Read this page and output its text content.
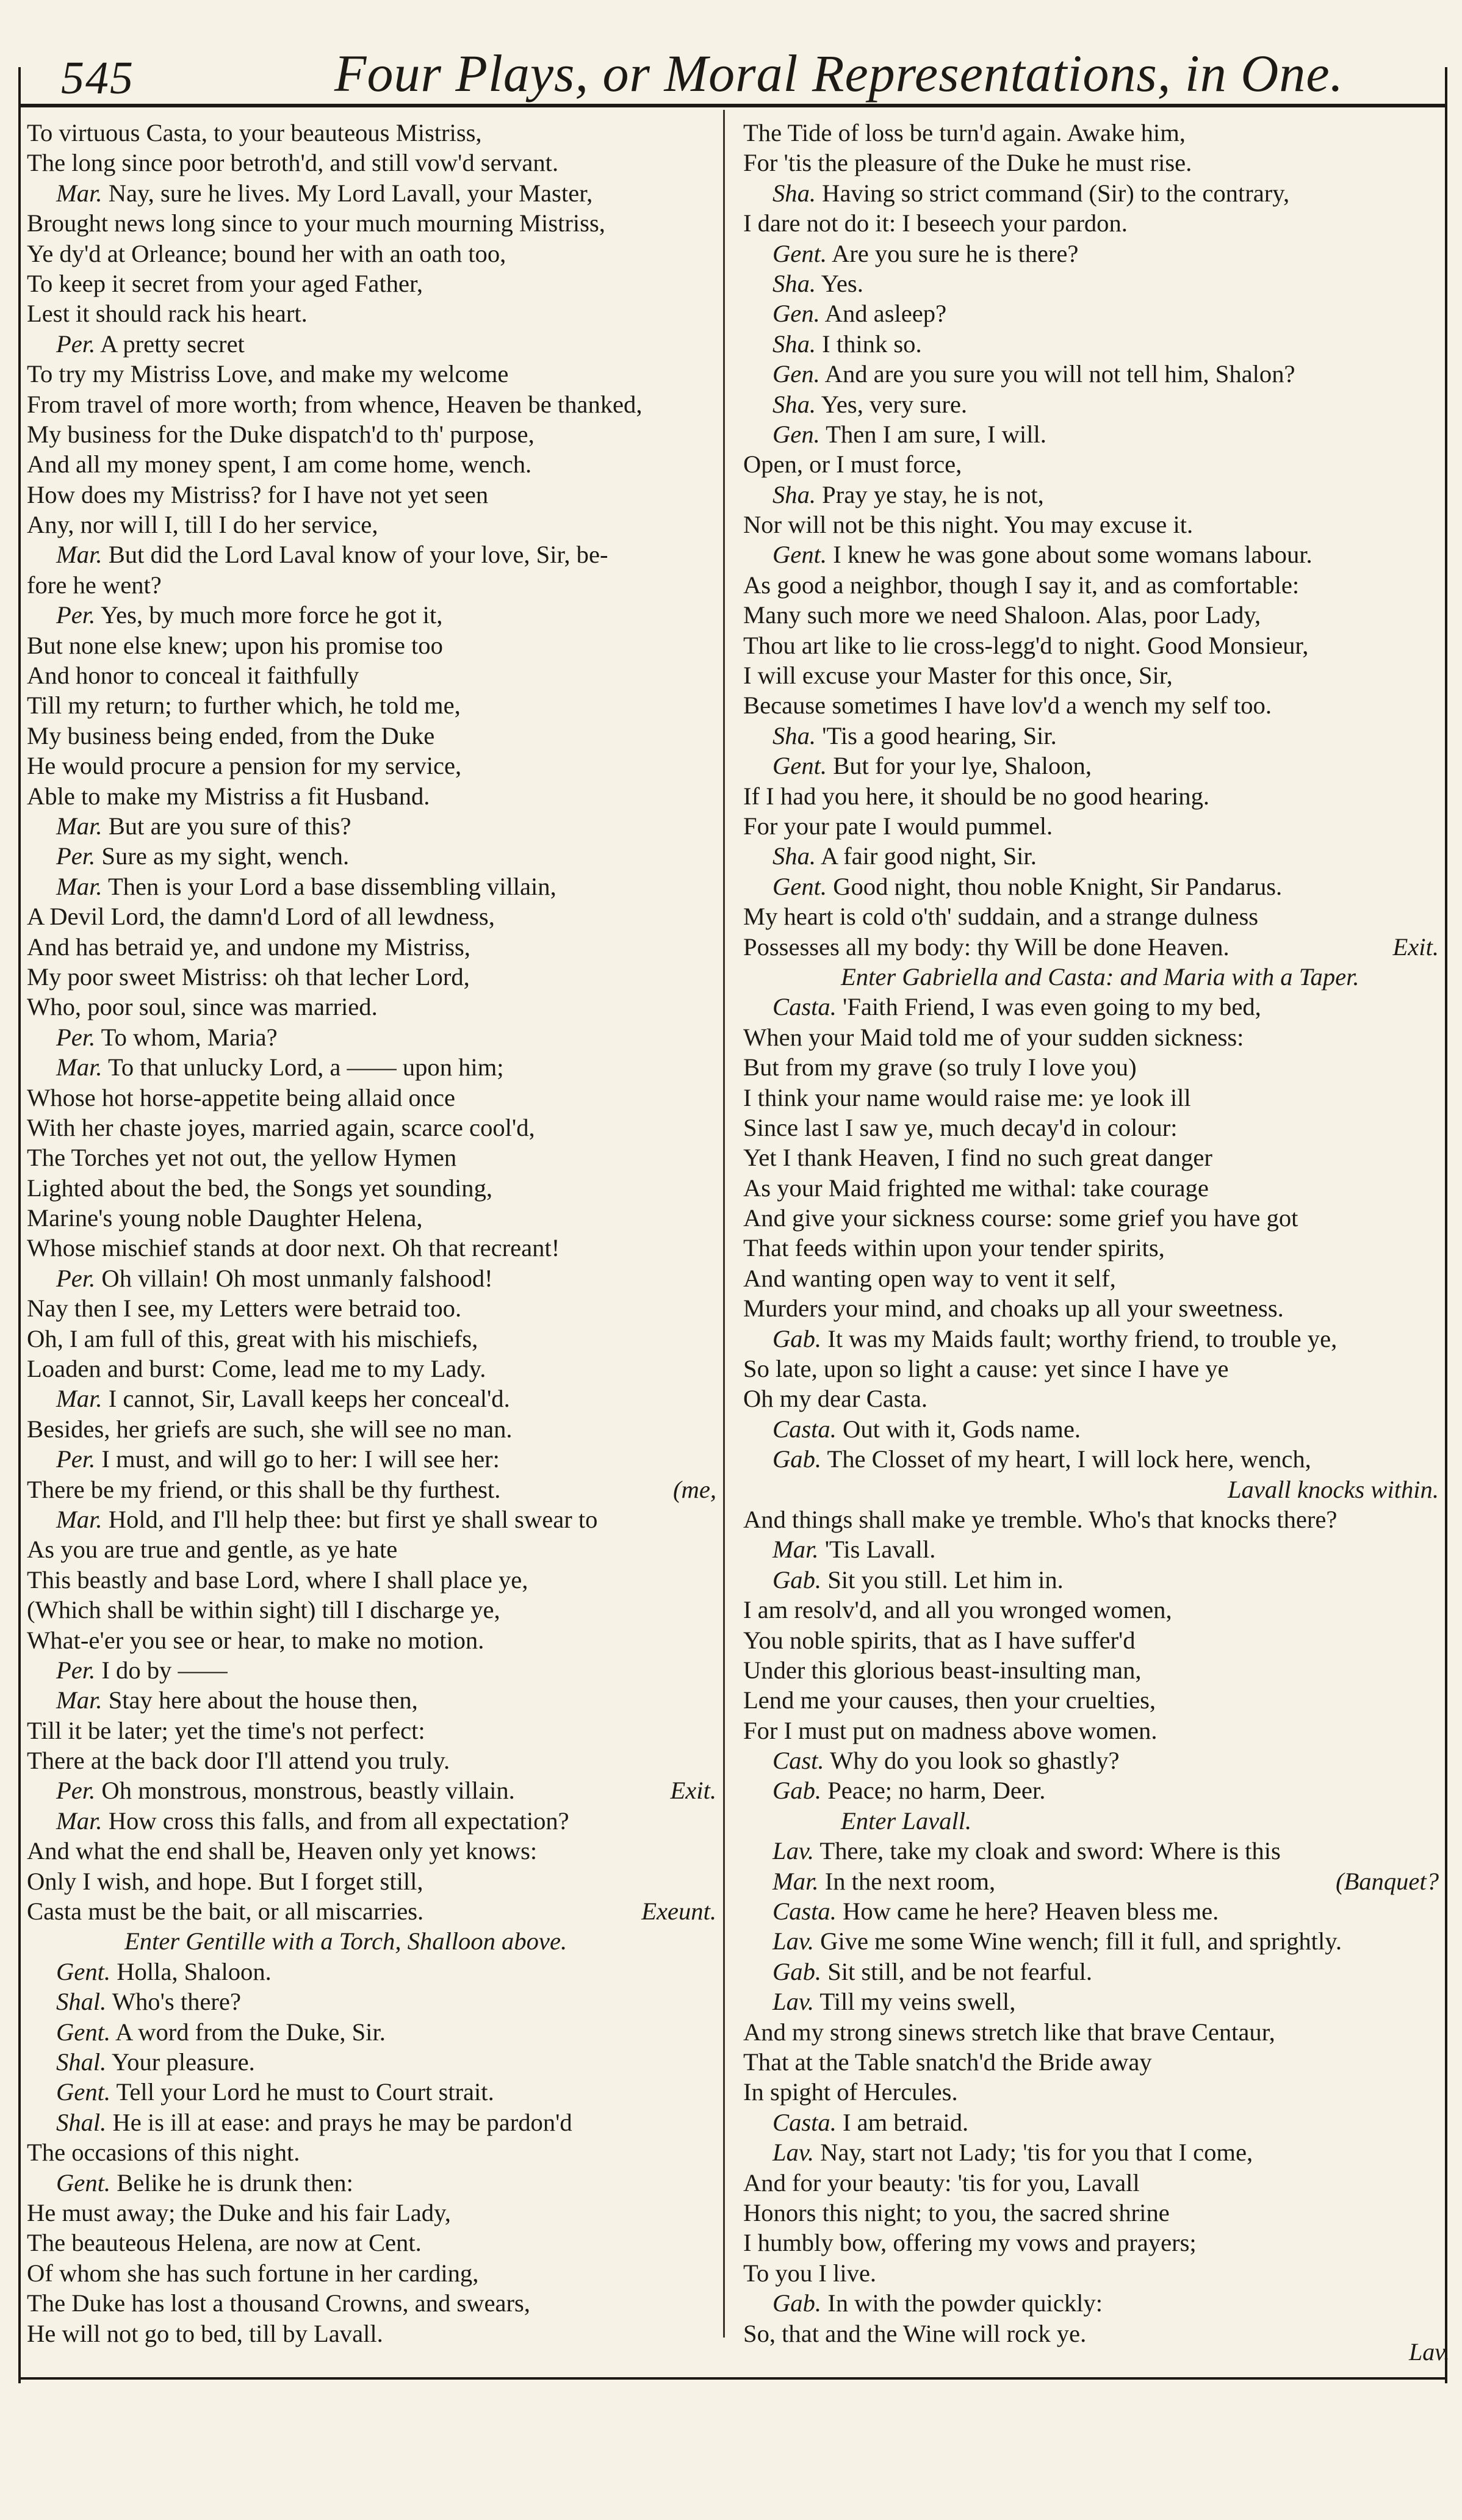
545	Four Plays, or Moral Representations, in One.
To virtuous Casta, to your beauteous Mistriss,
The long since poor betroth'd, and still vow'd servant.
Mar. Nay, sure he lives. My Lord Lavall, your Master,
Brought news long since to your much mourning Mistriss,
Ye dy'd at Orleance; bound her with an oath too,
To keep it secret from your aged Father,
Lest it should rack his heart.
Per. A pretty secret
To try my Mistriss Love, and make my welcome
From travel of more worth; from whence, Heaven be thanked,
My business for the Duke dispatch'd to th' purpose,
And all my money spent, I am come home, wench.
How does my Mistriss? for I have not yet seen
Any, nor will I, till I do her service,
Mar. But did the Lord Laval know of your love, Sir, be-
fore he went?
Per. Yes, by much more force he got it,
But none else knew; upon his promise too
And honor to conceal it faithfully
Till my return; to further which, he told me,
My business being ended, from the Duke
He would procure a pension for my service,
Able to make my Mistriss a fit Husband.
Mar. But are you sure of this?
Per. Sure as my sight, wench.
Mar. Then is your Lord a base dissembling villain,
A Devil Lord, the damn'd Lord of all lewdness,
And has betraid ye, and undone my Mistriss,
My poor sweet Mistriss: oh that lecher Lord,
Who, poor soul, since was married.
Per. To whom, Maria?
Mar. To that unlucky Lord, a —— upon him;
Whose hot horse-appetite being allaid once
With her chaste joyes, married again, scarce cool'd,
The Torches yet not out, the yellow Hymen
Lighted about the bed, the Songs yet sounding,
Marine's young noble Daughter Helena,
Whose mischief stands at door next. Oh that recreant!
Per. Oh villain! Oh most unmanly falshood!
Nay then I see, my Letters were betraid too.
Oh, I am full of this, great with his mischiefs,
Loaden and burst: Come, lead me to my Lady.
Mar. I cannot, Sir, Lavall keeps her conceal'd.
Besides, her griefs are such, she will see no man.
Per. I must, and will go to her: I will see her:
There be my friend, or this shall be thy furthest.	(me,
Mar. Hold, and I'll help thee: but first ye shall swear to
As you are true and gentle, as ye hate
This beastly and base Lord, where I shall place ye,
(Which shall be within sight) till I discharge ye,
What-e'er you see or hear, to make no motion.
Per. I do by ——
Mar. Stay here about the house then,
Till it be later; yet the time's not perfect:
There at the back door I'll attend you truly.
Per. Oh monstrous, monstrous, beastly villain.	Exit.
Mar. How cross this falls, and from all expectation?
And what the end shall be, Heaven only yet knows:
Only I wish, and hope. But I forget still,
Casta must be the bait, or all miscarries.	Exeunt.
Enter Gentille with a Torch, Shalloon above.
Gent. Holla, Shaloon.
Shal. Who's there?
Gent. A word from the Duke, Sir.
Shal. Your pleasure.
Gent. Tell your Lord he must to Court strait.
Shal. He is ill at ease: and prays he may be pardon'd
The occasions of this night.
Gent. Belike he is drunk then:
He must away; the Duke and his fair Lady,
The beauteous Helena, are now at Cent.
Of whom she has such fortune in her carding,
The Duke has lost a thousand Crowns, and swears,
He will not go to bed, till by Lavall.
The Tide of loss be turn'd again. Awake him,
For 'tis the pleasure of the Duke he must rise.
Sha. Having so strict command (Sir) to the contrary,
I dare not do it: I beseech your pardon.
Gent. Are you sure he is there?
Sha. Yes.
Gen. And asleep?
Sha. I think so.
Gen. And are you sure you will not tell him, Shalon?
Sha. Yes, very sure.
Gen. Then I am sure, I will.
Open, or I must force,
Sha. Pray ye stay, he is not,
Nor will not be this night. You may excuse it.
Gent. I knew he was gone about some womans labour.
As good a neighbor, though I say it, and as comfortable:
Many such more we need Shaloon. Alas, poor Lady,
Thou art like to lie cross-legg'd to night. Good Monsieur,
I will excuse your Master for this once, Sir,
Because sometimes I have lov'd a wench my self too.
Sha. 'Tis a good hearing, Sir.
Gent. But for your lye, Shaloon,
If I had you here, it should be no good hearing.
For your pate I would pummel.
Sha. A fair good night, Sir.
Gent. Good night, thou noble Knight, Sir Pandarus.
My heart is cold o'th' suddain, and a strange dulness
Possesses all my body: thy Will be done Heaven.	Exit.
Enter Gabriella and Casta: and Maria with a Taper.
Casta. 'Faith Friend, I was even going to my bed,
When your Maid told me of your sudden sickness:
But from my grave (so truly I love you)
I think your name would raise me: ye look ill
Since last I saw ye, much decay'd in colour:
Yet I thank Heaven, I find no such great danger
As your Maid frighted me withal: take courage
And give your sickness course: some grief you have got
That feeds within upon your tender spirits,
And wanting open way to vent it self,
Murders your mind, and choaks up all your sweetness.
Gab. It was my Maids fault; worthy friend, to trouble ye,
So late, upon so light a cause: yet since I have ye
Oh my dear Casta.
Casta. Out with it, Gods name.
Gab. The Closset of my heart, I will lock here, wench,
Lavall knocks within.
And things shall make ye tremble. Who's that knocks there?
Mar. 'Tis Lavall.
Gab. Sit you still. Let him in.
I am resolv'd, and all you wronged women,
You noble spirits, that as I have suffer'd
Under this glorious beast-insulting man,
Lend me your causes, then your cruelties,
For I must put on madness above women.
Cast. Why do you look so ghastly?
Gab. Peace; no harm, Deer.
Enter Lavall.
Lav. There, take my cloak and sword: Where is this
Mar. In the next room,	(Banquet?
Casta. How came he here? Heaven bless me.
Lav. Give me some Wine wench; fill it full, and sprightly.
Gab. Sit still, and be not fearful.
Lav. Till my veins swell,
And my strong sinews stretch like that brave Centaur,
That at the Table snatch'd the Bride away
In spight of Hercules.
Casta. I am betraid.
Lav. Nay, start not Lady; 'tis for you that I come,
And for your beauty: 'tis for you, Lavall
Honors this night; to you, the sacred shrine
I humbly bow, offering my vows and prayers;
To you I live.
Gab. In with the powder quickly:
So, that and the Wine will rock ye.
Lav.
